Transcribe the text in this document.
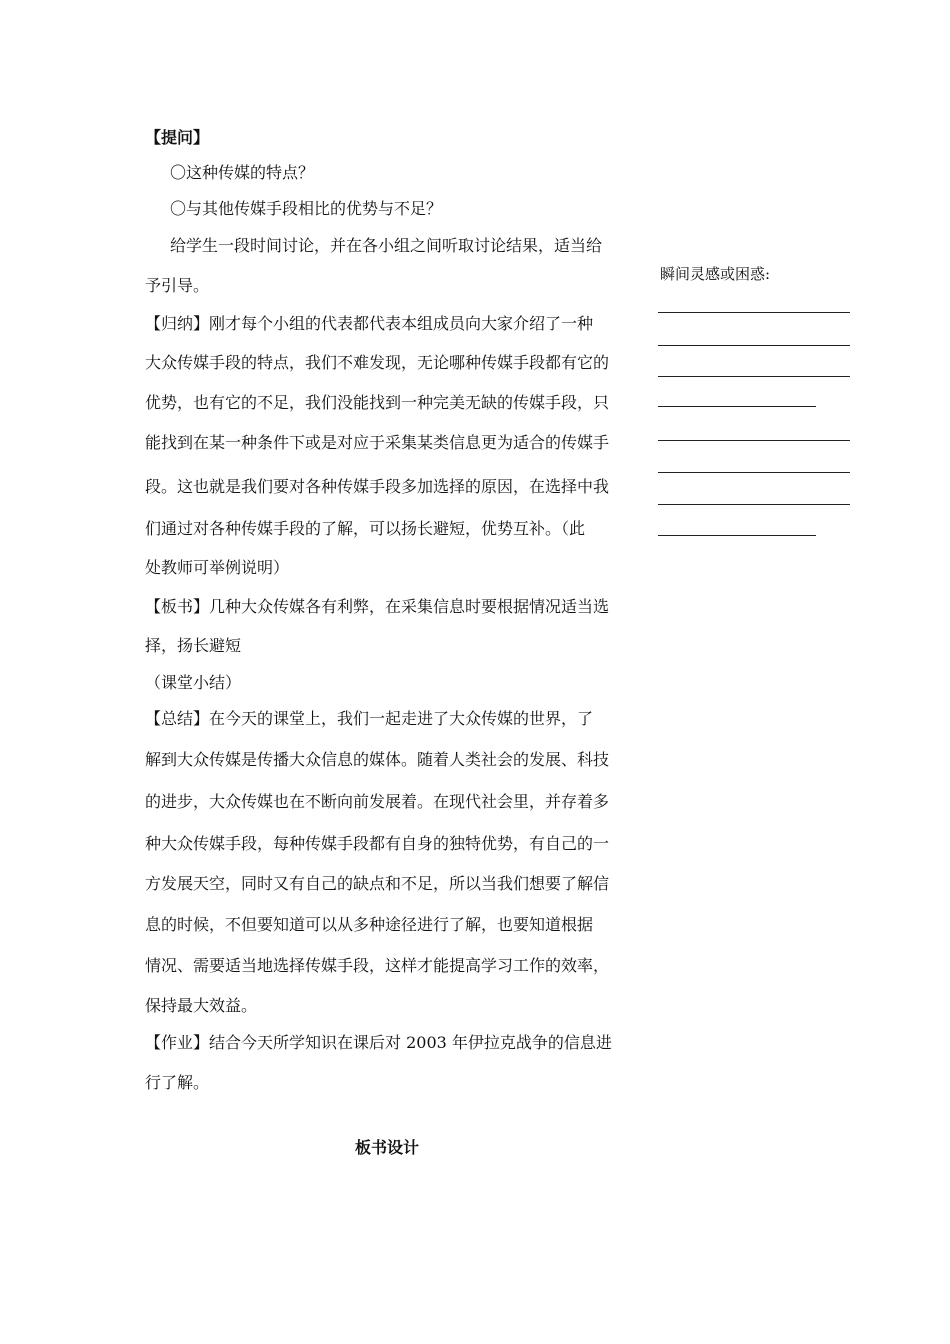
【提问】
〇这种传媒的特点？
〇与其他传媒手段相比的优势与不足？
给学生一段时间讨论，并在各小组之间听取讨论结果，适当给
予引导。
【归纳】刚才每个小组的代表都代表本组成员向大家介绍了一种
大众传媒手段的特点，我们不难发现，无论哪种传媒手段都有它的
优势，也有它的不足，我们没能找到一种完美无缺的传媒手段，只
能找到在某一种条件下或是对应于采集某类信息更为适合的传媒手
段。这也就是我们要对各种传媒手段多加选择的原因，在选择中我
们通过对各种传媒手段的了解，可以扬长避短，优势互补。（此
处教师可举例说明）
【板书】几种大众传媒各有利弊，在采集信息时要根据情况适当选
择，扬长避短
（课堂小结）
【总结】在今天的课堂上，我们一起走进了大众传媒的世界，了
解到大众传媒是传播大众信息的媒体。随着人类社会的发展、科技
的进步，大众传媒也在不断向前发展着。在现代社会里，并存着多
种大众传媒手段，每种传媒手段都有自身的独特优势，有自己的一
方发展天空，同时又有自己的缺点和不足，所以当我们想要了解信
息的时候，不但要知道可以从多种途径进行了解，也要知道根据
情况、需要适当地选择传媒手段，这样才能提高学习工作的效率，
保持最大效益。
【作业】结合今天所学知识在课后对 2003 年伊拉克战争的信息进
行了解。
板书设计
瞬间灵感或困惑:
